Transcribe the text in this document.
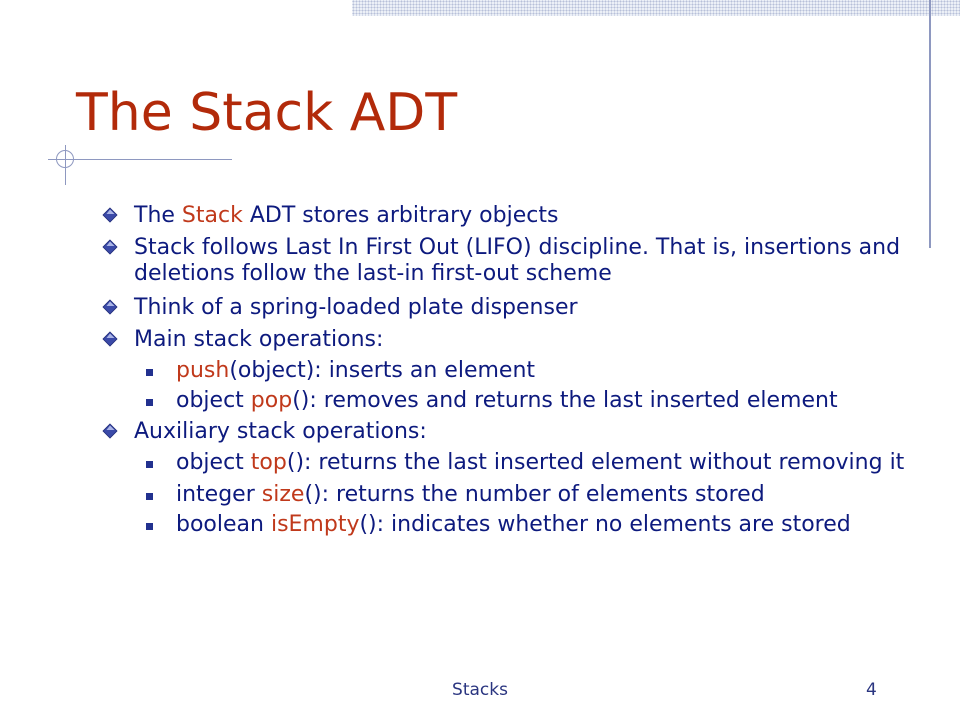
The Stack ADT
The Stack ADT stores arbitrary objects
Stack follows Last In First Out (LIFO) discipline. That is, insertions and deletions follow the last-in first-out scheme
Think of a spring-loaded plate dispenser
Main stack operations:
push(object): inserts an element
object pop(): removes and returns the last inserted element
Auxiliary stack operations:
object top(): returns the last inserted element without removing it
integer size(): returns the number of elements stored
boolean isEmpty(): indicates whether no elements are stored
Stacks	4
